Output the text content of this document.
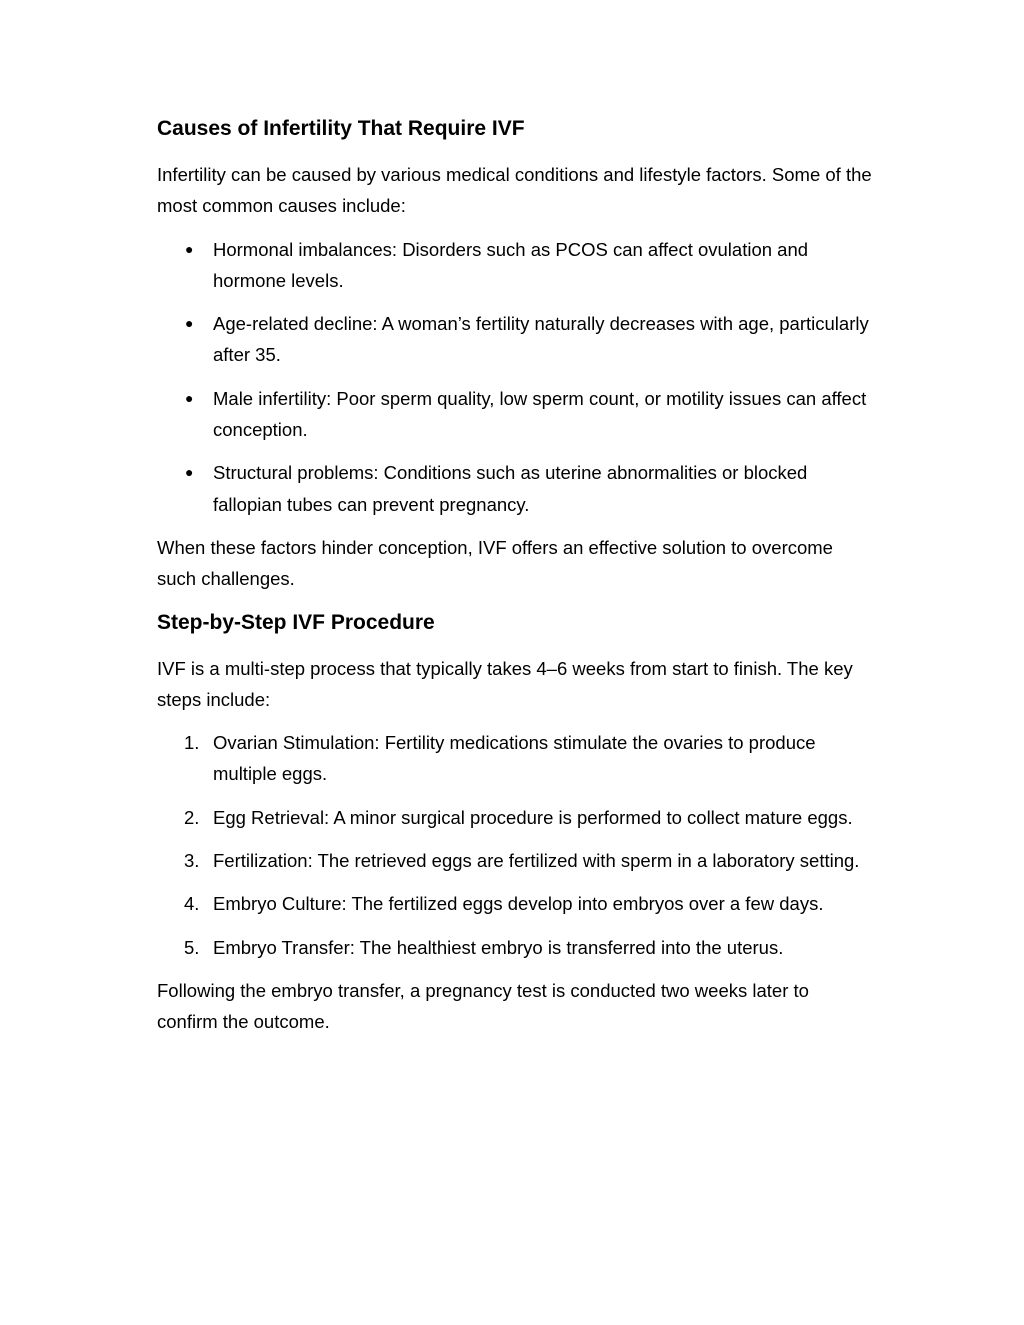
Causes of Infertility That Require IVF

Infertility can be caused by various medical conditions and lifestyle factors. Some of the most common causes include:

●	Hormonal imbalances: Disorders such as PCOS can affect ovulation and hormone levels.
●	Age-related decline: A woman’s fertility naturally decreases with age, particularly after 35.
●	Male infertility: Poor sperm quality, low sperm count, or motility issues can affect conception.
●	Structural problems: Conditions such as uterine abnormalities or blocked fallopian tubes can prevent pregnancy.

When these factors hinder conception, IVF offers an effective solution to overcome such challenges.

Step-by-Step IVF Procedure

IVF is a multi-step process that typically takes 4–6 weeks from start to finish. The key steps include:

1. Ovarian Stimulation: Fertility medications stimulate the ovaries to produce multiple eggs.
2. Egg Retrieval: A minor surgical procedure is performed to collect mature eggs.
3. Fertilization: The retrieved eggs are fertilized with sperm in a laboratory setting.
4. Embryo Culture: The fertilized eggs develop into embryos over a few days.
5. Embryo Transfer: The healthiest embryo is transferred into the uterus.

Following the embryo transfer, a pregnancy test is conducted two weeks later to confirm the outcome.
